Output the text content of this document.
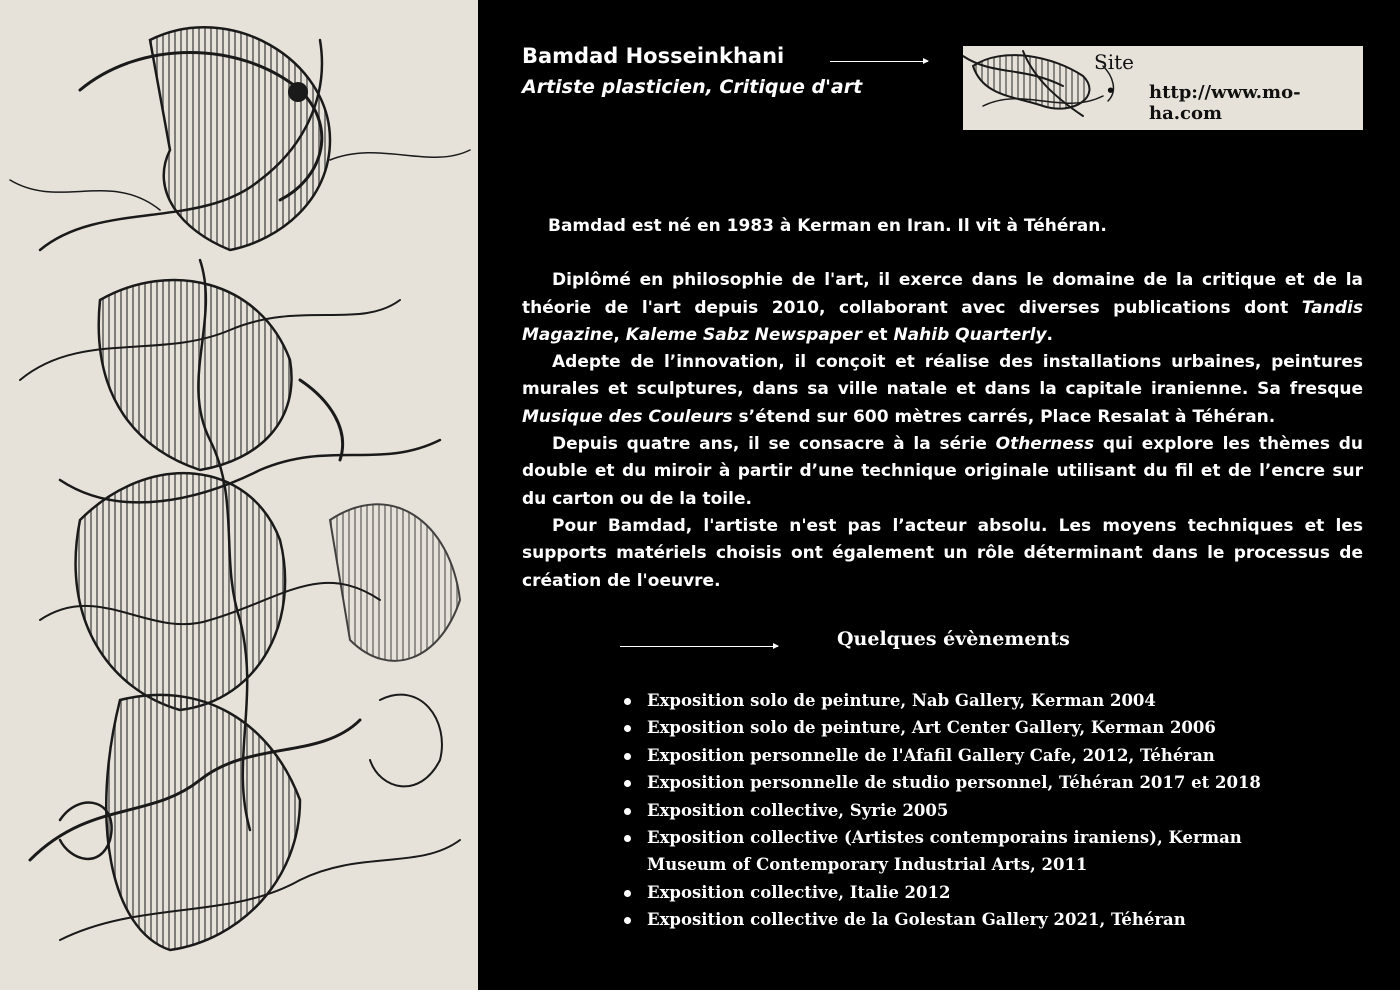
Bamdad Hosseinkhani
Artiste plasticien, Critique d'art
Site
• http://www.mo-ha.com

Bamdad est né en 1983 à Kerman en Iran. Il vit à Téhéran.

Diplômé en philosophie de l'art, il exerce dans le domaine de la critique et de la théorie de l'art depuis 2010, collaborant avec diverses publications dont Tandis Magazine, Kaleme Sabz Newspaper et Nahib Quarterly.

Adepte de l’innovation, il conçoit et réalise des installations urbaines, peintures murales et sculptures, dans sa ville natale et dans la capitale iranienne. Sa fresque Musique des Couleurs s’étend sur 600 mètres carrés, Place Resalat à Téhéran.

Depuis quatre ans, il se consacre à la série Otherness qui explore les thèmes du double et du miroir à partir d’une technique originale utilisant du fil et de l’encre sur du carton ou de la toile.

Pour Bamdad, l'artiste n'est pas l’acteur absolu. Les moyens techniques et les supports matériels choisis ont également un rôle déterminant dans le processus de création de l'oeuvre.

Quelques évènements
Exposition solo de peinture, Nab Gallery, Kerman 2004
Exposition solo de peinture, Art Center Gallery, Kerman 2006
Exposition personnelle de l'Afafil Gallery Cafe, 2012, Téhéran
Exposition personnelle de studio personnel, Téhéran 2017 et 2018
Exposition collective, Syrie 2005
Exposition collective (Artistes contemporains iraniens), Kerman Museum of Contemporary Industrial Arts, 2011
Exposition collective, Italie 2012
Exposition collective de la Golestan Gallery 2021, Téhéran
